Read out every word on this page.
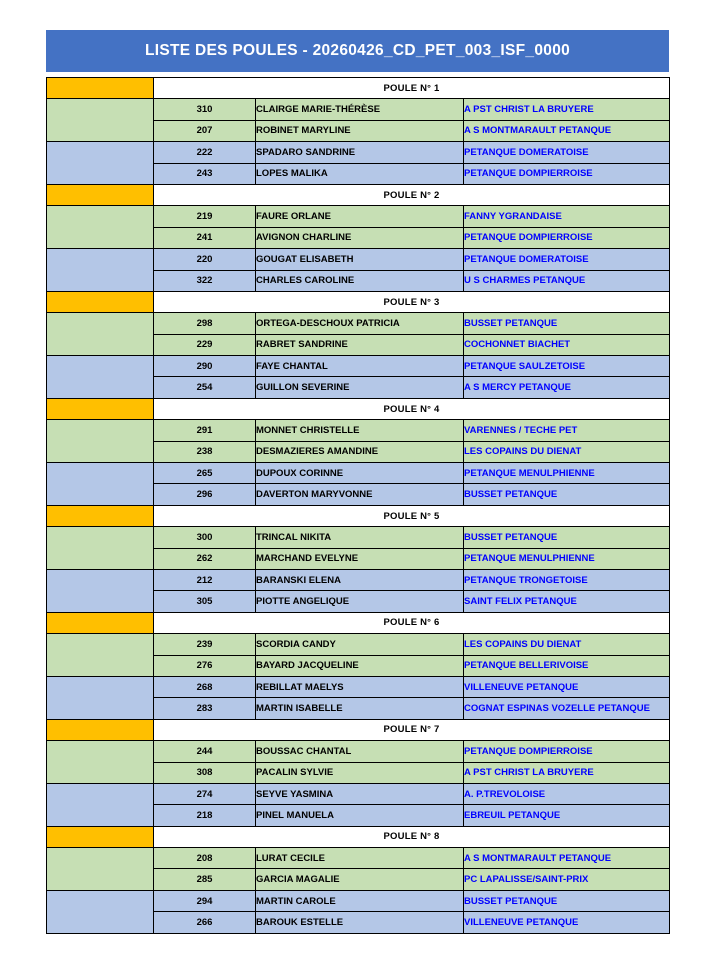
LISTE DES POULES - 20260426_CD_PET_003_ISF_0000
	POULE N° 1		
	310	CLAIRGE MARIE-THÉRÈSE	A PST CHRIST LA BRUYERE
	207	ROBINET MARYLINE	A S MONTMARAULT PETANQUE
	222	SPADARO SANDRINE	PETANQUE DOMERATOISE
	243	LOPES MALIKA	PETANQUE DOMPIERROISE
	POULE N° 2		
	219	FAURE ORLANE	FANNY YGRANDAISE
	241	AVIGNON CHARLINE	PETANQUE DOMPIERROISE
	220	GOUGAT ELISABETH	PETANQUE DOMERATOISE
	322	CHARLES CAROLINE	U S CHARMES PETANQUE
	POULE N° 3		
	298	ORTEGA-DESCHOUX PATRICIA	BUSSET PETANQUE
	229	RABRET SANDRINE	COCHONNET BIACHET
	290	FAYE CHANTAL	PETANQUE SAULZETOISE
	254	GUILLON SEVERINE	A S MERCY PETANQUE
	POULE N° 4		
	291	MONNET CHRISTELLE	VARENNES / TECHE PET
	238	DESMAZIERES AMANDINE	LES COPAINS DU DIENAT
	265	DUPOUX CORINNE	PETANQUE MENULPHIENNE
	296	DAVERTON MARYVONNE	BUSSET PETANQUE
	POULE N° 5		
	300	TRINCAL NIKITA	BUSSET PETANQUE
	262	MARCHAND EVELYNE	PETANQUE MENULPHIENNE
	212	BARANSKI ELENA	PETANQUE TRONGETOISE
	305	PIOTTE ANGELIQUE	SAINT FELIX PETANQUE
	POULE N° 6		
	239	SCORDIA CANDY	LES COPAINS DU DIENAT
	276	BAYARD JACQUELINE	PETANQUE BELLERIVOISE
	268	REBILLAT MAELYS	VILLENEUVE PETANQUE
	283	MARTIN ISABELLE	COGNAT ESPINAS VOZELLE PETANQUE
	POULE N° 7		
	244	BOUSSAC CHANTAL	PETANQUE DOMPIERROISE
	308	PACALIN SYLVIE	A PST CHRIST LA BRUYERE
	274	SEYVE YASMINA	A. P.TREVOLOISE
	218	PINEL MANUELA	EBREUIL PETANQUE
	POULE N° 8		
	208	LURAT CECILE	A S MONTMARAULT PETANQUE
	285	GARCIA MAGALIE	PC LAPALISSE/SAINT-PRIX
	294	MARTIN CAROLE	BUSSET PETANQUE
	266	BAROUK ESTELLE	VILLENEUVE PETANQUE
